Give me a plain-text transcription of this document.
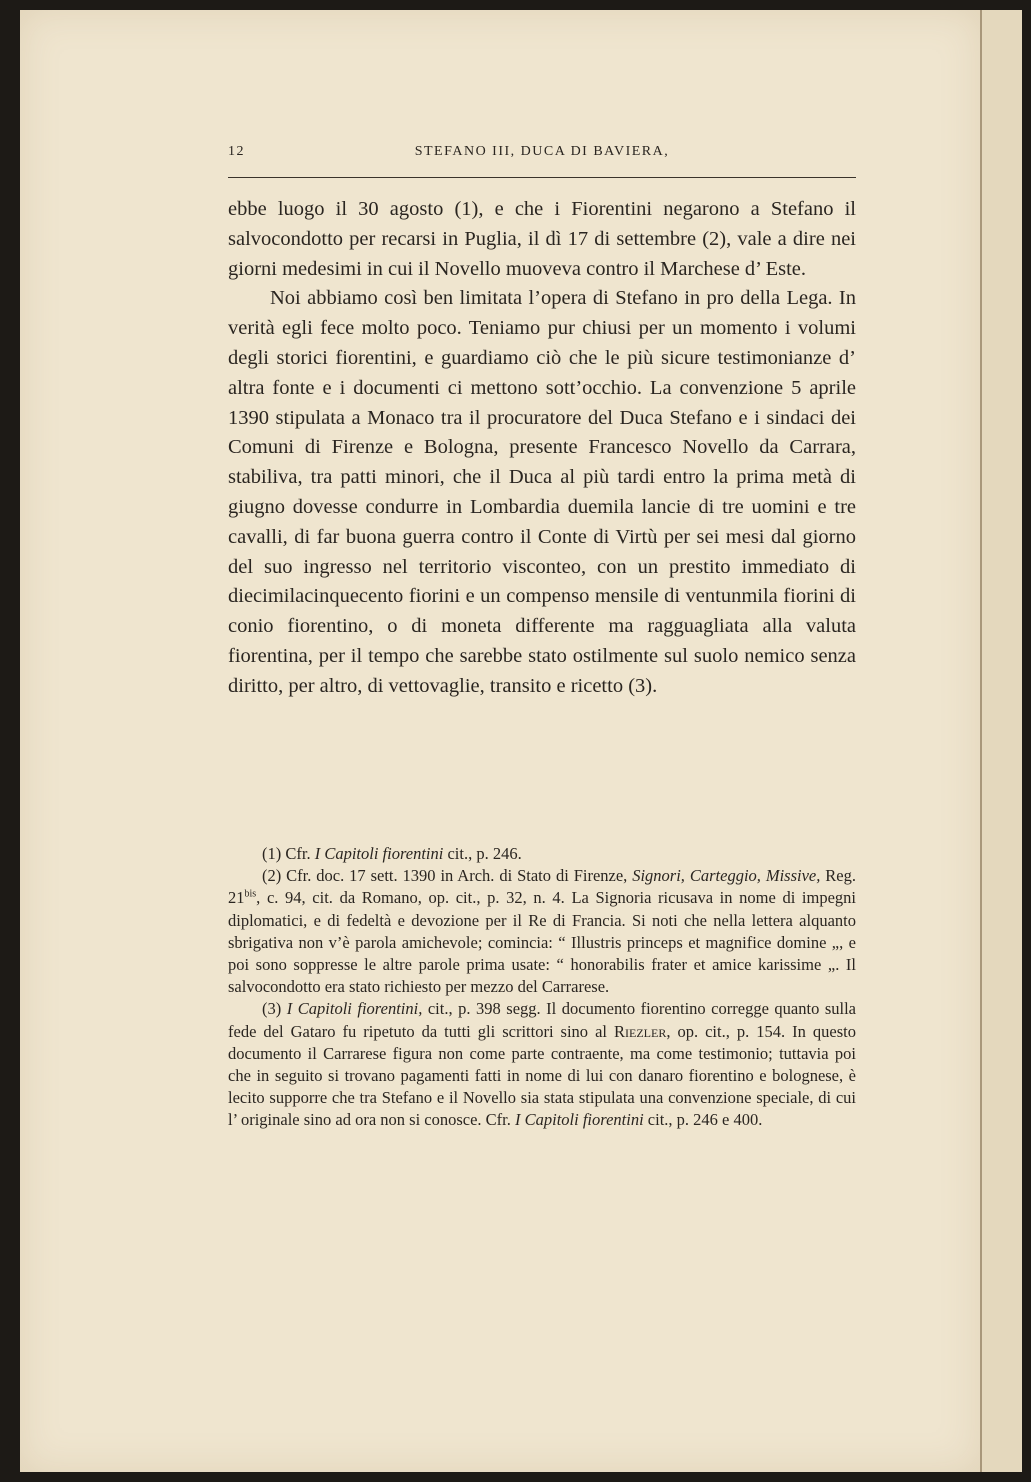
12	STEFANO III, DUCA DI BAVIERA,

ebbe luogo il 30 agosto (1), e che i Fiorentini negarono a Stefano il salvocondotto per recarsi in Puglia, il dì 17 di settembre (2), vale a dire nei giorni medesimi in cui il Novello muoveva contro il Marchese d’ Este.

Noi abbiamo così ben limitata l’opera di Stefano in pro della Lega. In verità egli fece molto poco. Teniamo pur chiusi per un momento i volumi degli storici fiorentini, e guardiamo ciò che le più sicure testimonianze d’ altra fonte e i documenti ci mettono sott’occhio. La convenzione 5 aprile 1390 stipulata a Monaco tra il procuratore del Duca Stefano e i sindaci dei Comuni di Firenze e Bologna, presente Francesco Novello da Carrara, stabiliva, tra patti minori, che il Duca al più tardi entro la prima metà di giugno dovesse condurre in Lombardia duemila lancie di tre uomini e tre cavalli, di far buona guerra contro il Conte di Virtù per sei mesi dal giorno del suo ingresso nel territorio visconteo, con un prestito immediato di diecimilacinquecento fiorini e un compenso mensile di ventunmila fiorini di conio fiorentino, o di moneta differente ma ragguagliata alla valuta fiorentina, per il tempo che sarebbe stato ostilmente sul suolo nemico senza diritto, per altro, di vettovaglie, transito e ricetto (3).

(1) Cfr. I Capitoli fiorentini cit., p. 246.

(2) Cfr. doc. 17 sett. 1390 in Arch. di Stato di Firenze, Signori, Carteggio, Missive, Reg. $21^{bis}$, c. 94, cit. da Romano, op. cit., p. 32, n. 4. La Signoria ricusava in nome di impegni diplomatici, e di fedeltà e devozione per il Re di Francia. Si noti che nella lettera alquanto sbrigativa non v’è parola amichevole; comincia: “ Illustris princeps et magnifice domine „, e poi sono soppresse le altre parole prima usate: “ honorabilis frater et amice karissime „. Il salvocondotto era stato richiesto per mezzo del Carrarese.

(3) I Capitoli fiorentini, cit., p. 398 segg. Il documento fiorentino corregge quanto sulla fede del Gataro fu ripetuto da tutti gli scrittori sino al Riezler, op. cit., p. 154. In questo documento il Carrarese figura non come parte contraente, ma come testimonio; tuttavia poi che in seguito si trovano pagamenti fatti in nome di lui con danaro fiorentino e bolognese, è lecito supporre che tra Stefano e il Novello sia stata stipulata una convenzione speciale, di cui l’ originale sino ad ora non si conosce. Cfr. I Capitoli fiorentini cit., p. 246 e 400.
